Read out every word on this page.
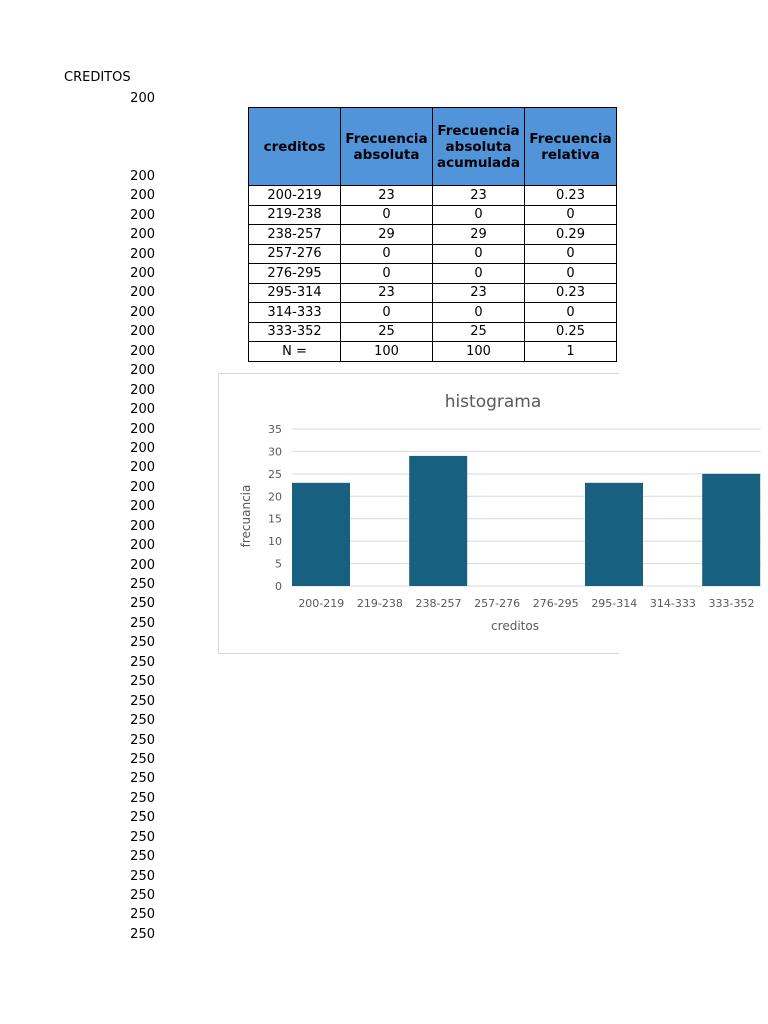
CREDITOS
200
200
200
200
200
200
200
200
200
200
200
200
200
200
200
200
200
200
200
200
200
200
250
250
250
250
250
250
250
250
250
250
250
250
250
250
250
250
250
250
250
creditos	Frecuencia absoluta	Frecuencia absoluta acumulada	Frecuencia relativa
200-219	23	23	0.23
219-238	0	0	0
238-257	29	29	0.29
257-276	0	0	0
276-295	0	0	0
295-314	23	23	0.23
314-333	0	0	0
333-352	25	25	0.25
N =	100	100	1
histograma
0
5
10
15
20
25
30
35
200-219 219-238 238-257 257-276 276-295 295-314 314-333 333-352
creditos
frecuancia
